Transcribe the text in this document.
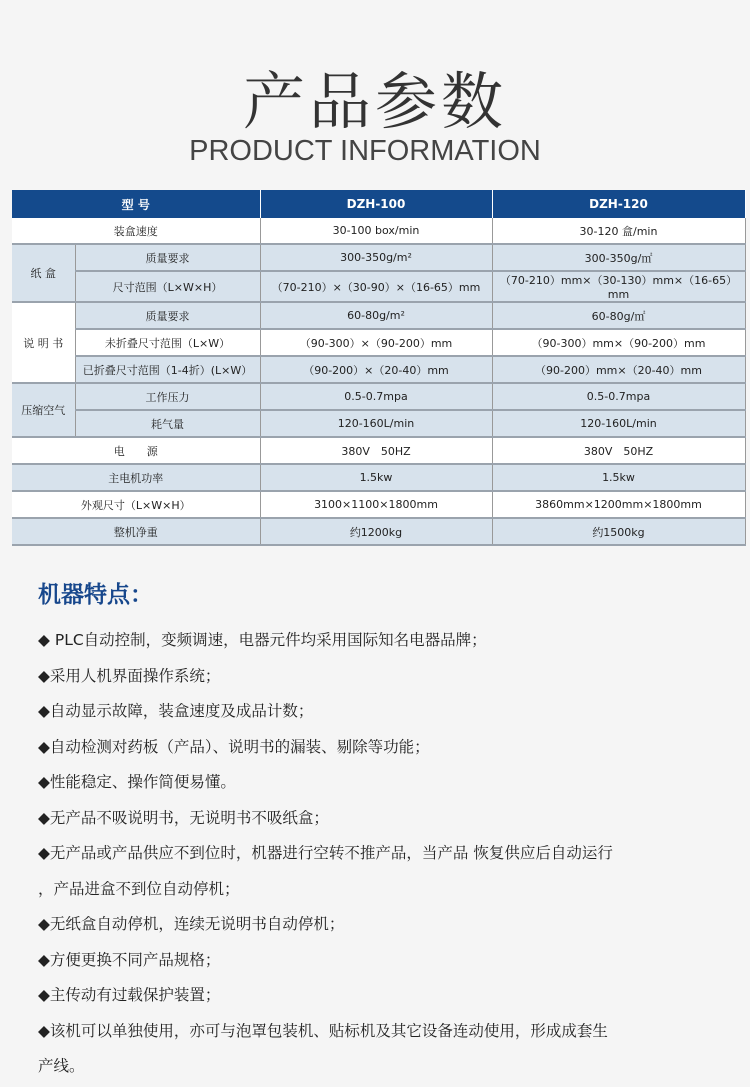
产品参数
PRODUCT INFORMATION
型 号		DZH-100	DZH-120
装盒速度		30-100 box/min	30-120 盒/min
纸 盒	质量要求	300-350g/m²	300-350g/㎡
	尺寸范围（L×W×H）	（70-210）×（30-90）×（16-65）mm	（70-210）mm×（30-130）mm×（16-65）mm
说 明 书	质量要求	60-80g/m²	60-80g/㎡
	未折叠尺寸范围（L×W）	（90-300）×（90-200）mm	（90-300）mm×（90-200）mm
	已折叠尺寸范围（1-4折）(L×W）	（90-200）×（20-40）mm	（90-200）mm×（20-40）mm
压缩空气	工作压力	0.5-0.7mpa	0.5-0.7mpa
	耗气量	120-160L/min	120-160L/min
电　　源		380V　50HZ	380V　50HZ
主电机功率		1.5kw	1.5kw
外观尺寸（L×W×H）		3100×1100×1800mm	3860mm×1200mm×1800mm
整机净重		约1200kg	约1500kg
机器特点：
◆ PLC自动控制，变频调速，电器元件均采用国际知名电器品牌；
◆采用人机界面操作系统；
◆自动显示故障，装盒速度及成品计数；
◆自动检测对药板（产品）、说明书的漏装、剔除等功能；
◆性能稳定、操作简便易懂。
◆无产品不吸说明书，无说明书不吸纸盒；
◆无产品或产品供应不到位时，机器进行空转不推产品，当产品 恢复供应后自动运行
，产品进盒不到位自动停机；
◆无纸盒自动停机，连续无说明书自动停机；
◆方便更换不同产品规格；
◆主传动有过载保护装置；
◆该机可以单独使用，亦可与泡罩包装机、贴标机及其它设备连动使用，形成成套生
产线。
